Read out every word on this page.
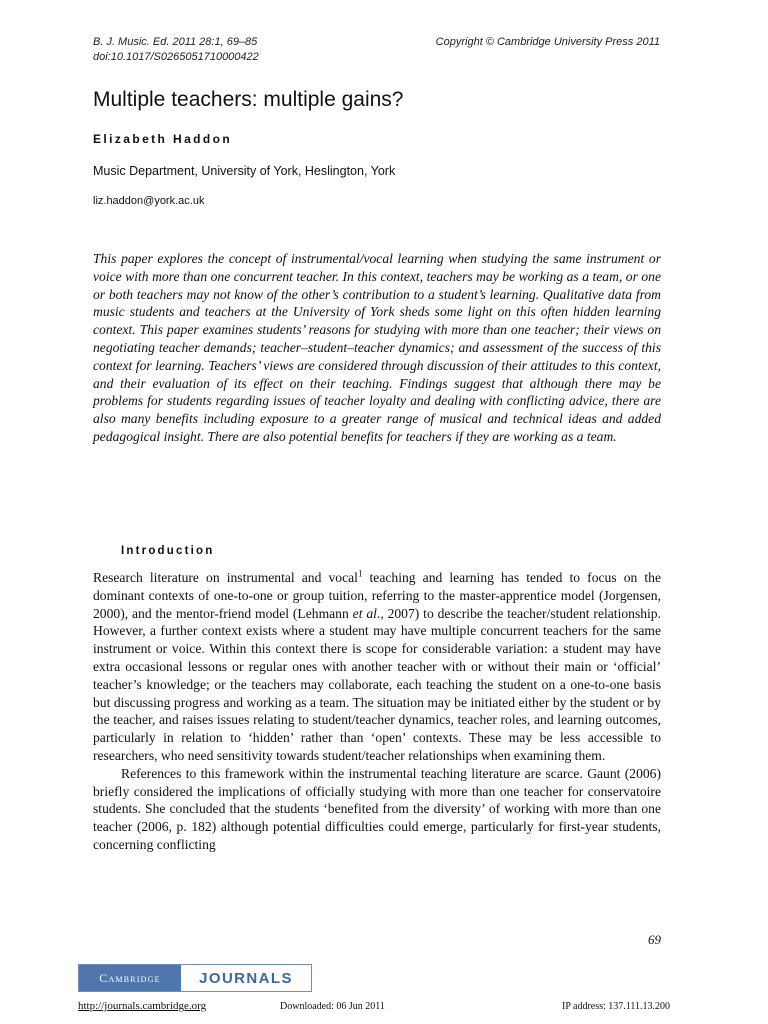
B. J. Music. Ed. 2011 28:1, 69–85
doi:10.1017/S0265051710000422
Copyright © Cambridge University Press 2011
Multiple teachers: multiple gains?
Elizabeth Haddon
Music Department, University of York, Heslington, York
liz.haddon@york.ac.uk
This paper explores the concept of instrumental/vocal learning when studying the same instrument or voice with more than one concurrent teacher. In this context, teachers may be working as a team, or one or both teachers may not know of the other’s contribution to a student’s learning. Qualitative data from music students and teachers at the University of York sheds some light on this often hidden learning context. This paper examines students’ reasons for studying with more than one teacher; their views on negotiating teacher demands; teacher–student–teacher dynamics; and assessment of the success of this context for learning. Teachers’ views are considered through discussion of their attitudes to this context, and their evaluation of its effect on their teaching. Findings suggest that although there may be problems for students regarding issues of teacher loyalty and dealing with conflicting advice, there are also many benefits including exposure to a greater range of musical and technical ideas and added pedagogical insight. There are also potential benefits for teachers if they are working as a team.
Introduction

Research literature on instrumental and vocal$^1$ teaching and learning has tended to focus on the dominant contexts of one-to-one or group tuition, referring to the master-apprentice model (Jorgensen, 2000), and the mentor-friend model (Lehmann et al., 2007) to describe the teacher/student relationship. However, a further context exists where a student may have multiple concurrent teachers for the same instrument or voice. Within this context there is scope for considerable variation: a student may have extra occasional lessons or regular ones with another teacher with or without their main or ‘official’ teacher’s knowledge; or the teachers may collaborate, each teaching the student on a one-to-one basis but discussing progress and working as a team. The situation may be initiated either by the student or by the teacher, and raises issues relating to student/teacher dynamics, teacher roles, and learning outcomes, particularly in relation to ‘hidden’ rather than ‘open’ contexts. These may be less accessible to researchers, who need sensitivity towards student/teacher relationships when examining them.

References to this framework within the instrumental teaching literature are scarce. Gaunt (2006) briefly considered the implications of officially studying with more than one teacher for conservatoire students. She concluded that the students ‘benefited from the diversity’ of working with more than one teacher (2006, p. 182) although potential difficulties could emerge, particularly for first-year students, concerning conflicting

69
Cambridge	JOURNALS
http://journals.cambridge.org	Downloaded: 06 Jun 2011	IP address: 137.111.13.200
